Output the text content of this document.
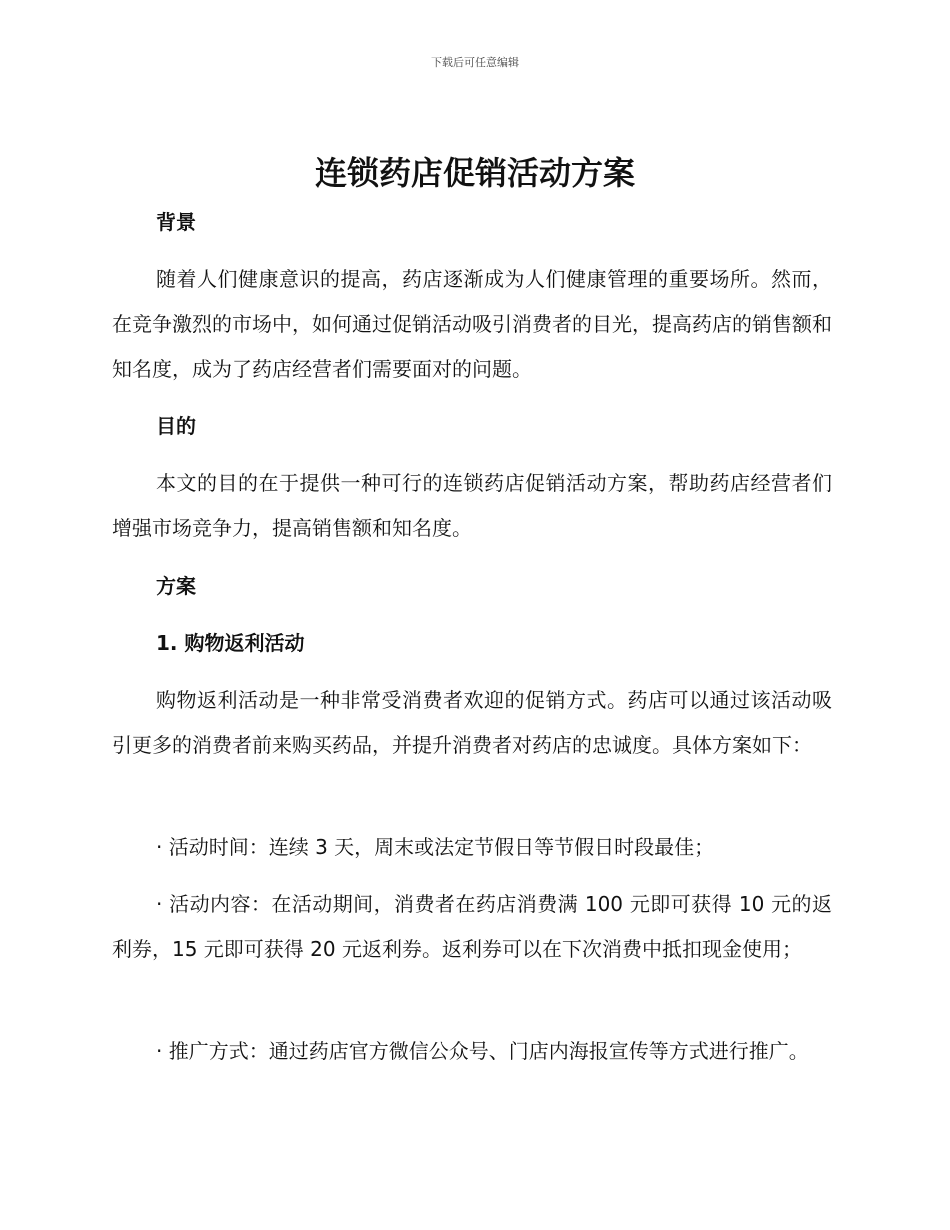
下载后可任意编辑
连锁药店促销活动方案
背景

随着人们健康意识的提高，药店逐渐成为人们健康管理的重要场所。然而，在竞争激烈的市场中，如何通过促销活动吸引消费者的目光，提高药店的销售额和知名度，成为了药店经营者们需要面对的问题。

目的

本文的目的在于提供一种可行的连锁药店促销活动方案，帮助药店经营者们增强市场竞争力，提高销售额和知名度。

方案
1. 购物返利活动

购物返利活动是一种非常受消费者欢迎的促销方式。药店可以通过该活动吸引更多的消费者前来购买药品，并提升消费者对药店的忠诚度。具体方案如下：

· 活动时间：连续 3 天，周末或法定节假日等节假日时段最佳；

· 活动内容：在活动期间，消费者在药店消费满 100 元即可获得 10 元的返利券，15 元即可获得 20 元返利券。返利券可以在下次消费中抵扣现金使用；

· 推广方式：通过药店官方微信公众号、门店内海报宣传等方式进行推广。
